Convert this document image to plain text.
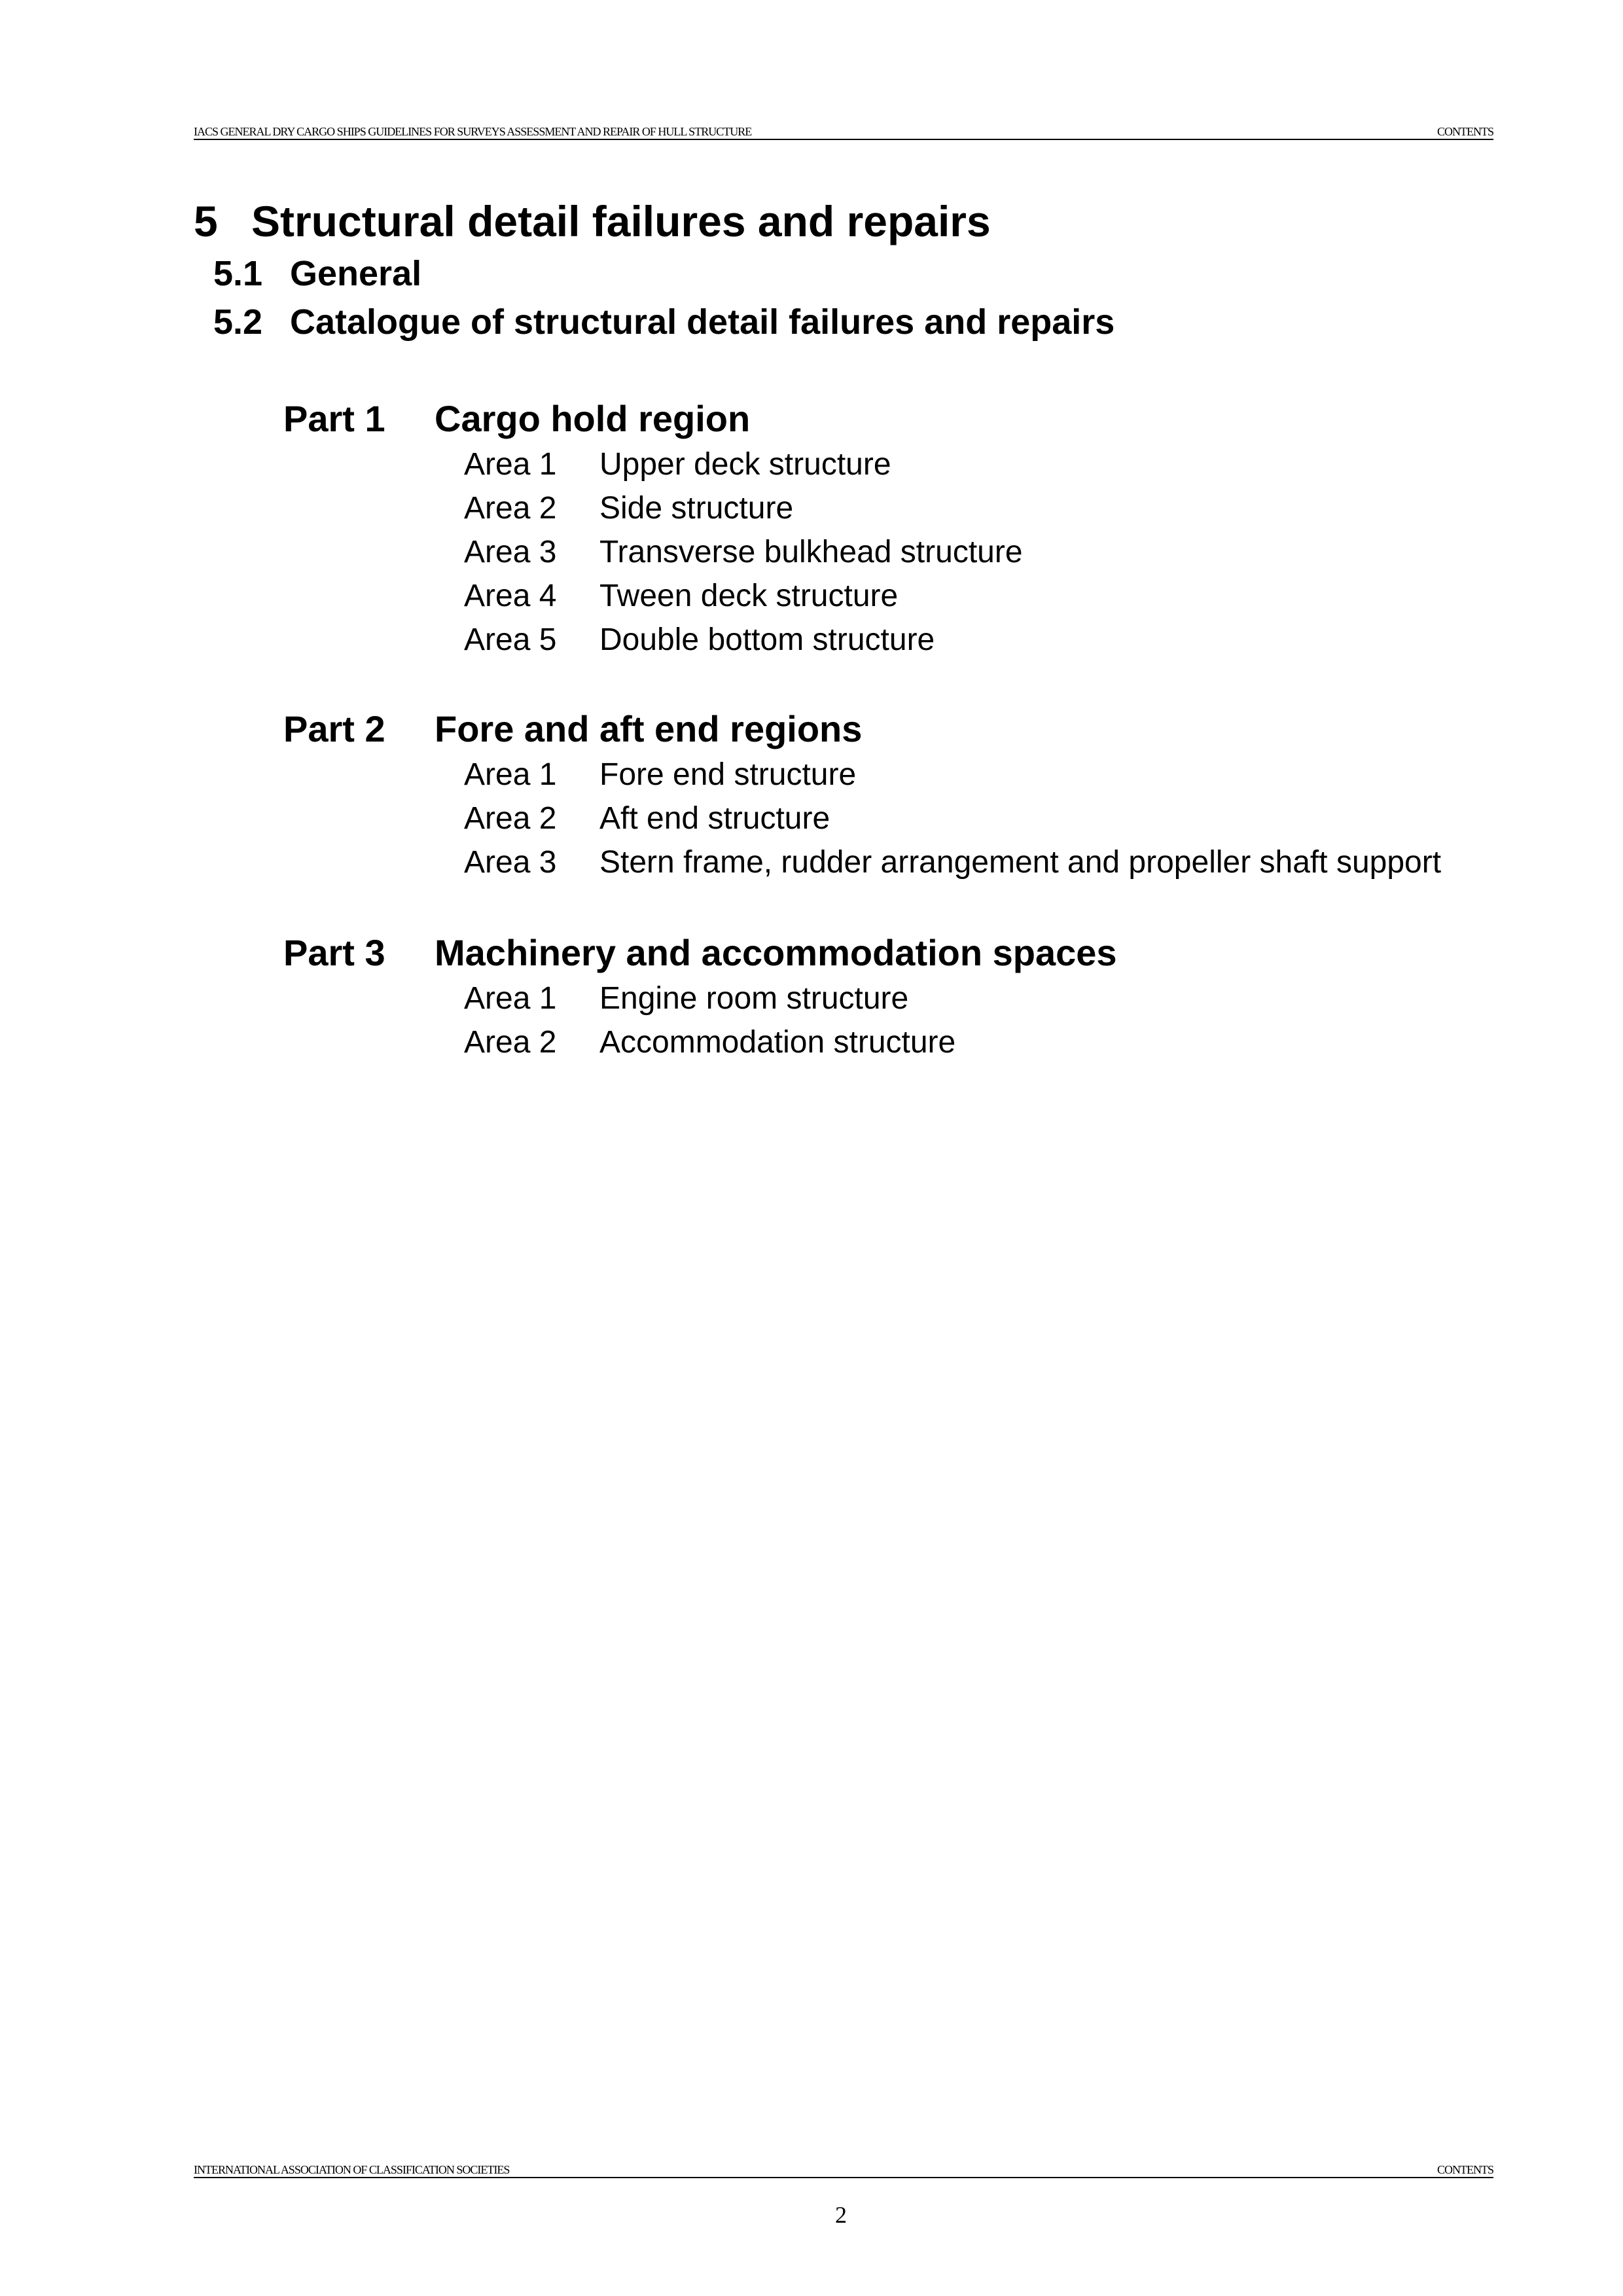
IACS GENERAL DRY CARGO SHIPS GUIDELINES FOR SURVEYS ASSESSMENT AND REPAIR OF HULL STRUCTURE	CONTENTS
5 Structural detail failures and repairs
5.1 General
5.2 Catalogue of structural detail failures and repairs
Part 1 Cargo hold region
Area 1 Upper deck structure
Area 2 Side structure
Area 3 Transverse bulkhead structure
Area 4 Tween deck structure
Area 5 Double bottom structure
Part 2 Fore and aft end regions
Area 1 Fore end structure
Area 2 Aft end structure
Area 3 Stern frame, rudder arrangement and propeller shaft support
Part 3 Machinery and accommodation spaces
Area 1 Engine room structure
Area 2 Accommodation structure
INTERNATIONAL ASSOCIATION OF CLASSIFICATION SOCIETIES	CONTENTS
2
